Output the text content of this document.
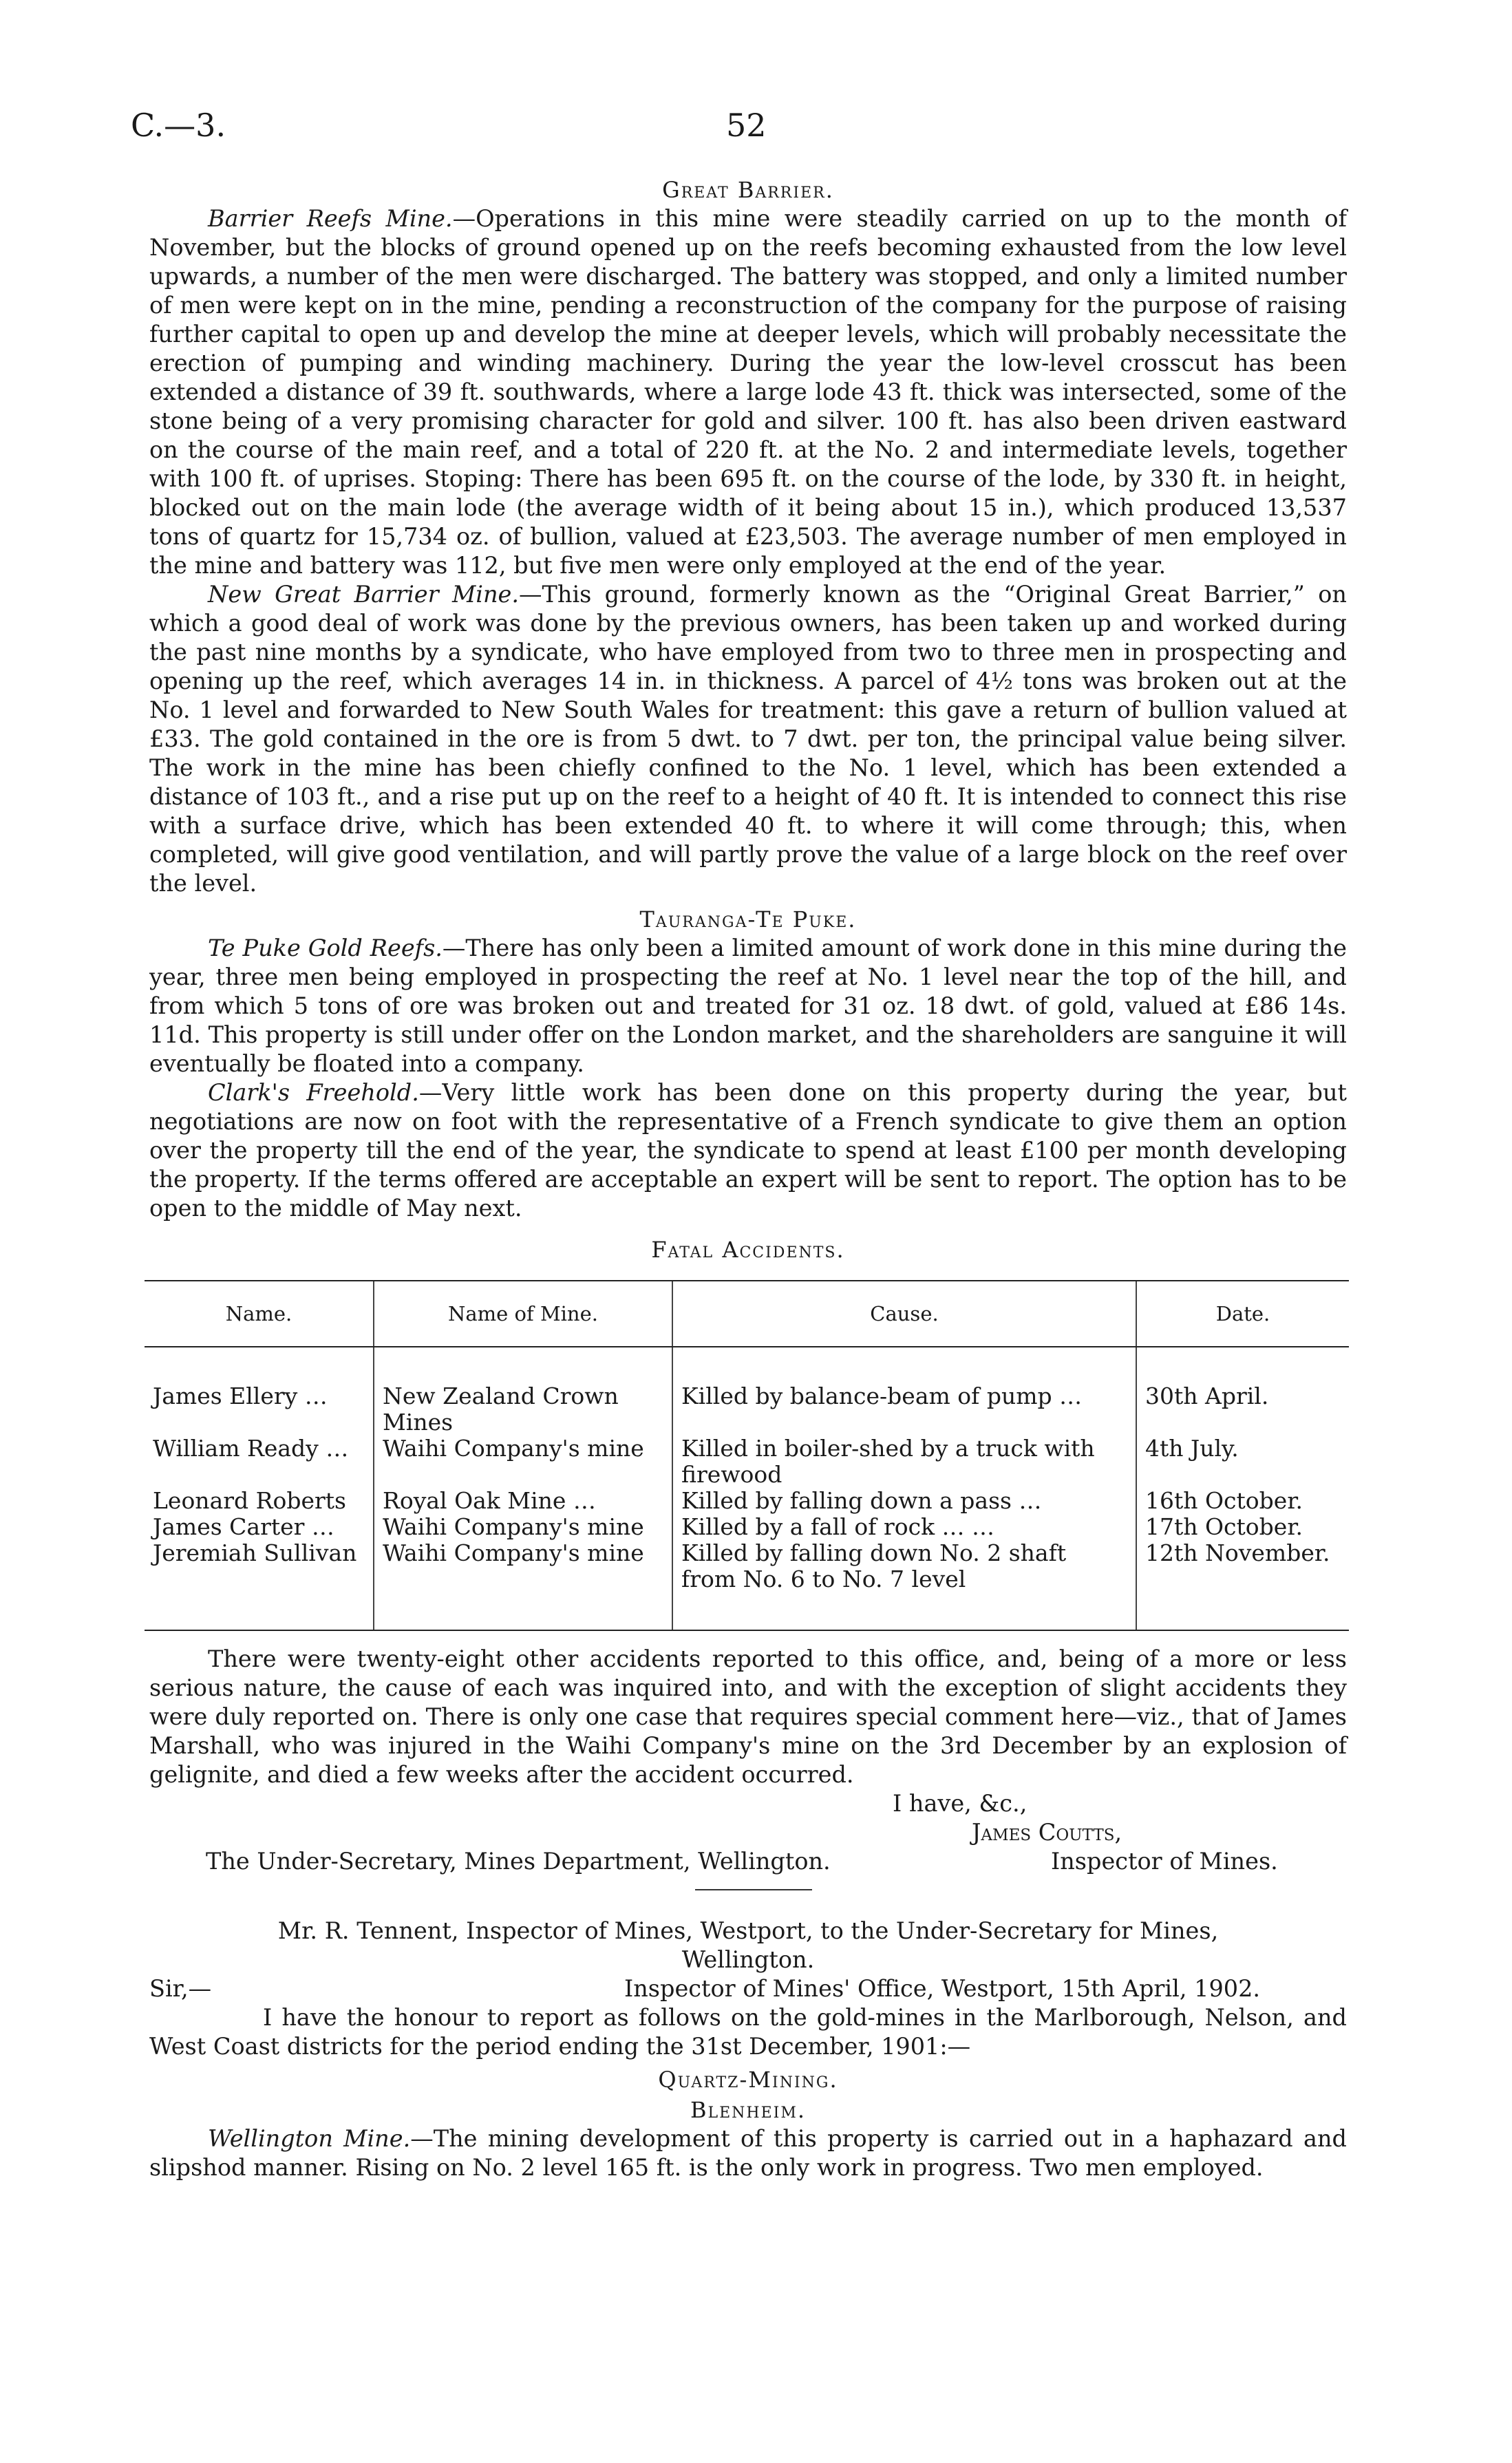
C.—3.	52
Great Barrier.

Barrier Reefs Mine.—Operations in this mine were steadily carried on up to the month of November, but the blocks of ground opened up on the reefs becoming exhausted from the low level upwards, a number of the men were discharged. The battery was stopped, and only a limited number of men were kept on in the mine, pending a reconstruction of the company for the purpose of raising further capital to open up and develop the mine at deeper levels, which will probably necessitate the erection of pumping and winding machinery. During the year the low-level crosscut has been extended a distance of 39 ft. southwards, where a large lode 43 ft. thick was intersected, some of the stone being of a very promising character for gold and silver. 100 ft. has also been driven eastward on the course of the main reef, and a total of 220 ft. at the No. 2 and intermediate levels, together with 100 ft. of uprises. Stoping: There has been 695 ft. on the course of the lode, by 330 ft. in height, blocked out on the main lode (the average width of it being about 15 in.), which produced 13,537 tons of quartz for 15,734 oz. of bullion, valued at £23,503. The average number of men employed in the mine and battery was 112, but five men were only employed at the end of the year.

New Great Barrier Mine.—This ground, formerly known as the “Original Great Barrier,” on which a good deal of work was done by the previous owners, has been taken up and worked during the past nine months by a syndicate, who have employed from two to three men in prospecting and opening up the reef, which averages 14 in. in thickness. A parcel of 4½ tons was broken out at the No. 1 level and forwarded to New South Wales for treatment: this gave a return of bullion valued at £33. The gold contained in the ore is from 5 dwt. to 7 dwt. per ton, the principal value being silver. The work in the mine has been chiefly confined to the No. 1 level, which has been extended a distance of 103 ft., and a rise put up on the reef to a height of 40 ft. It is intended to connect this rise with a surface drive, which has been extended 40 ft. to where it will come through; this, when completed, will give good ventilation, and will partly prove the value of a large block on the reef over the level.

Tauranga-Te Puke.

Te Puke Gold Reefs.—There has only been a limited amount of work done in this mine during the year, three men being employed in prospecting the reef at No. 1 level near the top of the hill, and from which 5 tons of ore was broken out and treated for 31 oz. 18 dwt. of gold, valued at £86 14s. 11d. This property is still under offer on the London market, and the shareholders are sanguine it will eventually be floated into a company.

Clark's Freehold.—Very little work has been done on this property during the year, but negotiations are now on foot with the representative of a French syndicate to give them an option over the property till the end of the year, the syndicate to spend at least £100 per month developing the property. If the terms offered are acceptable an expert will be sent to report. The option has to be open to the middle of May next.

Fatal Accidents.
Name.	Name of Mine.	Cause.	Date.

James Ellery …	New Zealand Crown Mines	Killed by balance-beam of pump …	30th April.
William Ready …	Waihi Company's mine	Killed in boiler-shed by a truck with firewood	4th July.
Leonard Roberts	Royal Oak Mine …	Killed by falling down a pass …	16th October.
James Carter …	Waihi Company's mine	Killed by a fall of rock … …	17th October.
Jeremiah Sullivan	Waihi Company's mine	Killed by falling down No. 2 shaft from No. 6 to No. 7 level	12th November.

There were twenty-eight other accidents reported to this office, and, being of a more or less serious nature, the cause of each was inquired into, and with the exception of slight accidents they were duly reported on. There is only one case that requires special comment here—viz., that of James Marshall, who was injured in the Waihi Company's mine on the 3rd December by an explosion of gelignite, and died a few weeks after the accident occurred.

I have, &c.,
James Coutts,
The Under-Secretary, Mines Department, Wellington.	Inspector of Mines.
Mr. R. Tennent, Inspector of Mines, Westport, to the Under-Secretary for Mines,
Wellington.
Sir,—	Inspector of Mines' Office, Westport, 15th April, 1902.

I have the honour to report as follows on the gold-mines in the Marlborough, Nelson, and West Coast districts for the period ending the 31st December, 1901:—

Quartz-Mining.
Blenheim.

Wellington Mine.—The mining development of this property is carried out in a haphazard and slipshod manner. Rising on No. 2 level 165 ft. is the only work in progress. Two men employed.
